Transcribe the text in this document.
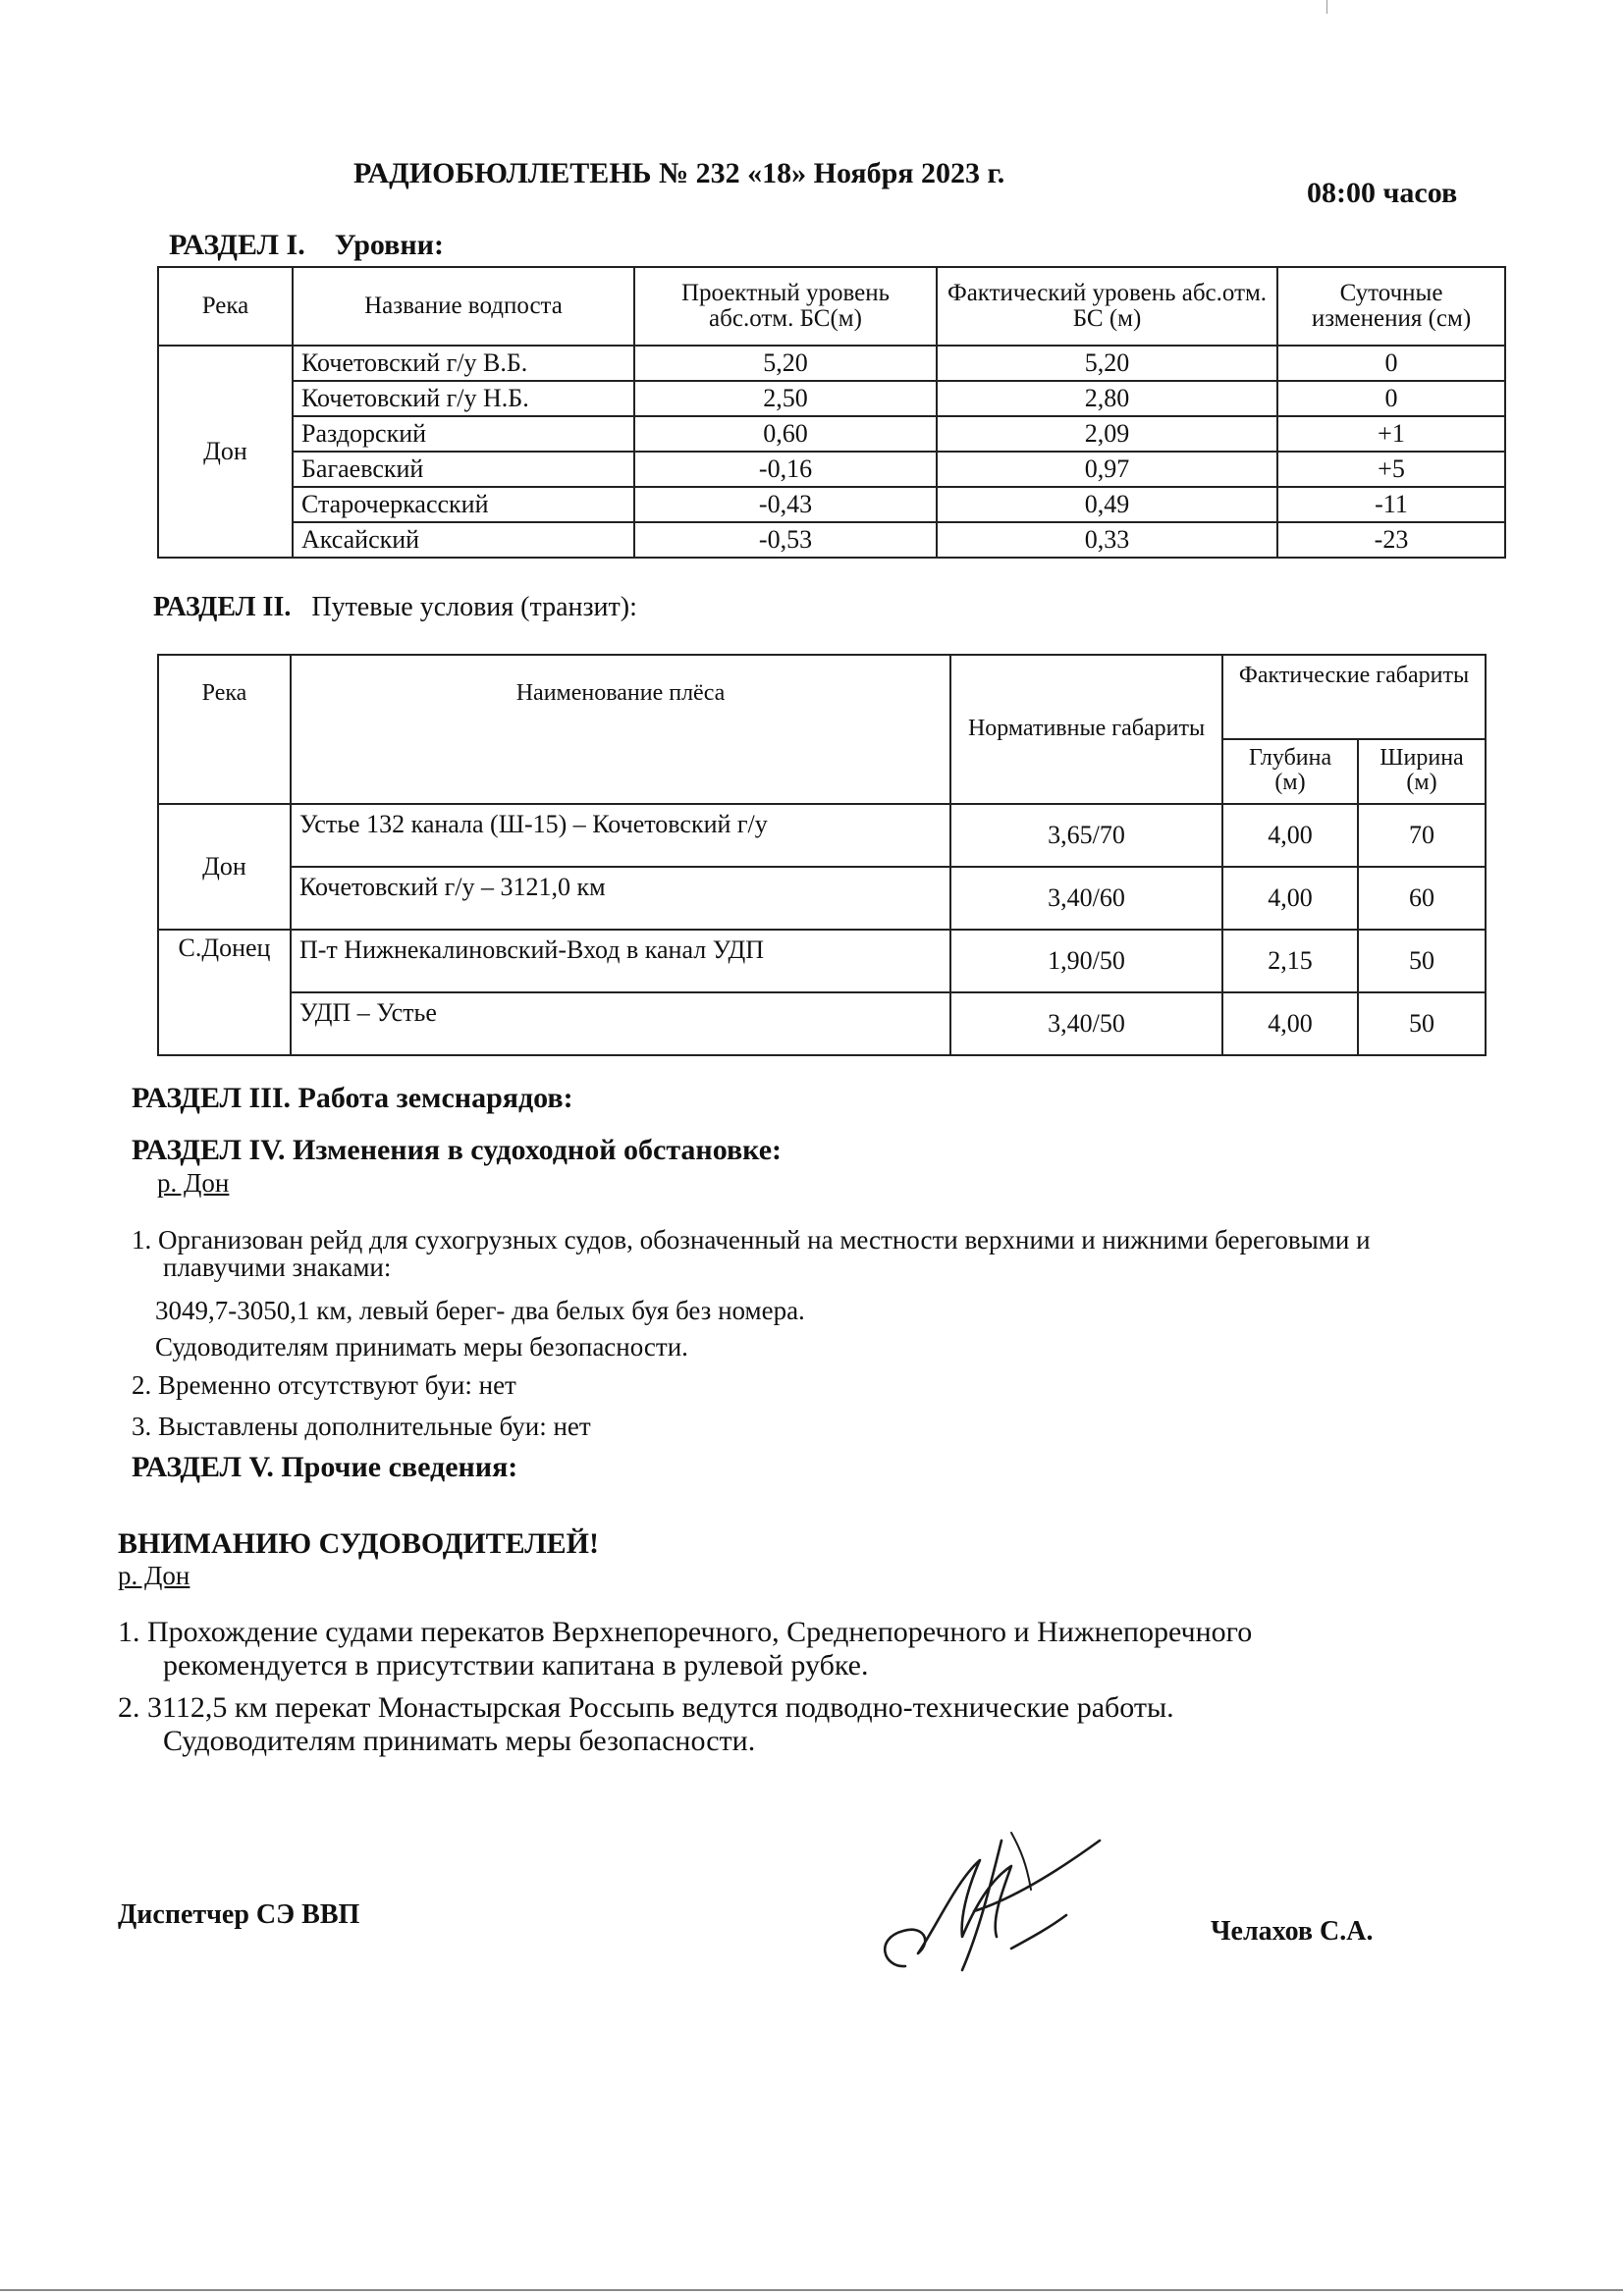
РАДИОБЮЛЛЕТЕНЬ № 232 «18» Ноября 2023 г.
08:00 часов
РАЗДЕЛ I.    Уровни:
Река	Название водпоста	Проектный уровень абс.отм. БС(м)	Фактический уровень абс.отм. БС (м)	Суточные изменения (см)
Дон	Кочетовский г/у В.Б.	5,20	5,20	0
	Кочетовский г/у Н.Б.	2,50	2,80	0
	Раздорский	0,60	2,09	+1
	Багаевский	-0,16	0,97	+5
	Старочеркасский	-0,43	0,49	-11
	Аксайский	-0,53	0,33	-23
РАЗДЕЛ II. Путевые условия (транзит):
Река	Наименование плёса	Нормативные габариты	Фактические габариты	
			Глубина (м)	Ширина (м)
Дон	Устье 132 канала (Ш-15) – Кочетовский г/у	3,65/70	4,00	70
	Кочетовский г/у – 3121,0 км	3,40/60	4,00	60
С.Донец	П-т Нижнекалиновский-Вход в канал УДП	1,90/50	2,15	50
	УДП – Устье	3,40/50	4,00	50
РАЗДЕЛ III. Работа земснарядов:
РАЗДЕЛ IV. Изменения в судоходной обстановке:
р. Дон
1. Организован рейд для сухогрузных судов, обозначенный на местности верхними и нижними береговыми и
плавучими знаками:
3049,7-3050,1 км, левый берег- два белых буя без номера.
Судоводителям принимать меры безопасности.
2. Временно отсутствуют буи: нет
3. Выставлены дополнительные буи: нет
РАЗДЕЛ V. Прочие сведения:
ВНИМАНИЮ СУДОВОДИТЕЛЕЙ!
р. Дон
1. Прохождение судами перекатов Верхнепоречного, Среднепоречного и Нижнепоречного
рекомендуется в присутствии капитана в рулевой рубке.
2. 3112,5 км перекат Монастырская Россыпь ведутся подводно-технические работы.
Судоводителям принимать меры безопасности.
Диспетчер СЭ ВВП
Челахов С.А.
